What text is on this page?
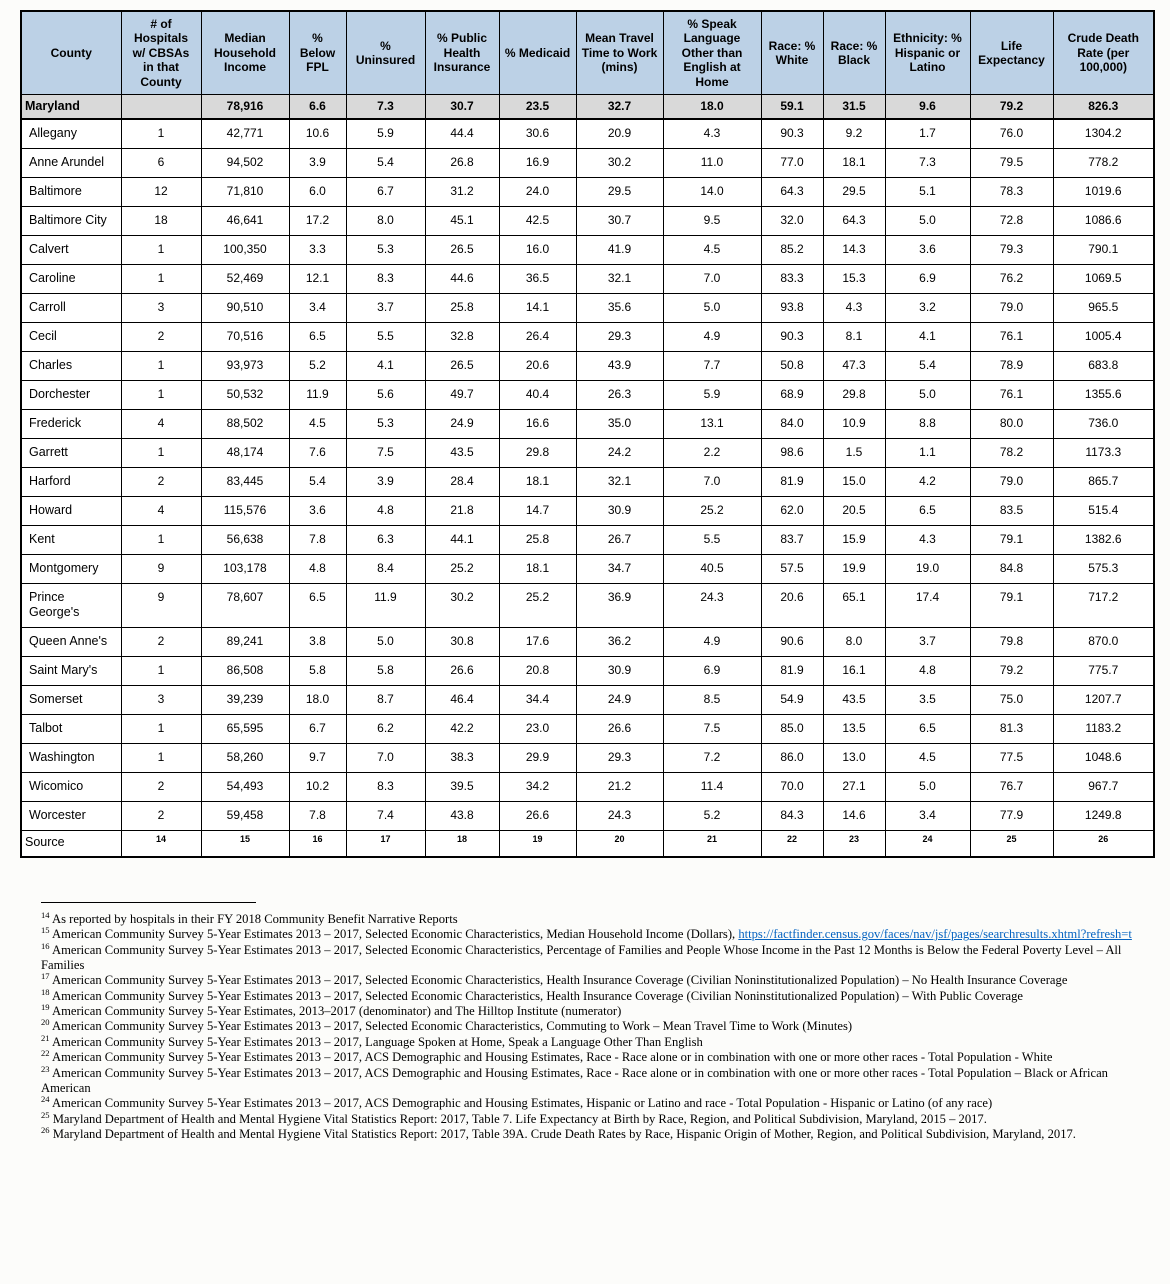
County	# of Hospitals w/ CBSAs in that County	Median Household Income	% Below FPL	% Uninsured	% Public Health Insurance	% Medicaid	Mean Travel Time to Work (mins)	% Speak Language Other than English at Home	Race: % White	Race: % Black	Ethnicity: % Hispanic or Latino	Life Expectancy	Crude Death Rate (per 100,000)
Maryland		78,916	6.6	7.3	30.7	23.5	32.7	18.0	59.1	31.5	9.6	79.2	826.3
Allegany	1	42,771	10.6	5.9	44.4	30.6	20.9	4.3	90.3	9.2	1.7	76.0	1304.2
Anne Arundel	6	94,502	3.9	5.4	26.8	16.9	30.2	11.0	77.0	18.1	7.3	79.5	778.2
Baltimore	12	71,810	6.0	6.7	31.2	24.0	29.5	14.0	64.3	29.5	5.1	78.3	1019.6
Baltimore City	18	46,641	17.2	8.0	45.1	42.5	30.7	9.5	32.0	64.3	5.0	72.8	1086.6
Calvert	1	100,350	3.3	5.3	26.5	16.0	41.9	4.5	85.2	14.3	3.6	79.3	790.1
Caroline	1	52,469	12.1	8.3	44.6	36.5	32.1	7.0	83.3	15.3	6.9	76.2	1069.5
Carroll	3	90,510	3.4	3.7	25.8	14.1	35.6	5.0	93.8	4.3	3.2	79.0	965.5
Cecil	2	70,516	6.5	5.5	32.8	26.4	29.3	4.9	90.3	8.1	4.1	76.1	1005.4
Charles	1	93,973	5.2	4.1	26.5	20.6	43.9	7.7	50.8	47.3	5.4	78.9	683.8
Dorchester	1	50,532	11.9	5.6	49.7	40.4	26.3	5.9	68.9	29.8	5.0	76.1	1355.6
Frederick	4	88,502	4.5	5.3	24.9	16.6	35.0	13.1	84.0	10.9	8.8	80.0	736.0
Garrett	1	48,174	7.6	7.5	43.5	29.8	24.2	2.2	98.6	1.5	1.1	78.2	1173.3
Harford	2	83,445	5.4	3.9	28.4	18.1	32.1	7.0	81.9	15.0	4.2	79.0	865.7
Howard	4	115,576	3.6	4.8	21.8	14.7	30.9	25.2	62.0	20.5	6.5	83.5	515.4
Kent	1	56,638	7.8	6.3	44.1	25.8	26.7	5.5	83.7	15.9	4.3	79.1	1382.6
Montgomery	9	103,178	4.8	8.4	25.2	18.1	34.7	40.5	57.5	19.9	19.0	84.8	575.3
Prince George's	9	78,607	6.5	11.9	30.2	25.2	36.9	24.3	20.6	65.1	17.4	79.1	717.2
Queen Anne's	2	89,241	3.8	5.0	30.8	17.6	36.2	4.9	90.6	8.0	3.7	79.8	870.0
Saint Mary's	1	86,508	5.8	5.8	26.6	20.8	30.9	6.9	81.9	16.1	4.8	79.2	775.7
Somerset	3	39,239	18.0	8.7	46.4	34.4	24.9	8.5	54.9	43.5	3.5	75.0	1207.7
Talbot	1	65,595	6.7	6.2	42.2	23.0	26.6	7.5	85.0	13.5	6.5	81.3	1183.2
Washington	1	58,260	9.7	7.0	38.3	29.9	29.3	7.2	86.0	13.0	4.5	77.5	1048.6
Wicomico	2	54,493	10.2	8.3	39.5	34.2	21.2	11.4	70.0	27.1	5.0	76.7	967.7
Worcester	2	59,458	7.8	7.4	43.8	26.6	24.3	5.2	84.3	14.6	3.4	77.9	1249.8
Source	14	15	16	17	18	19	20	21	22	23	24	25	26
$^{14}$ As reported by hospitals in their FY 2018 Community Benefit Narrative Reports
$^{15}$ American Community Survey 5-Year Estimates 2013 – 2017, Selected Economic Characteristics, Median Household Income (Dollars), https://factfinder.census.gov/faces/nav/jsf/pages/searchresults.xhtml?refresh=t
$^{16}$ American Community Survey 5-Year Estimates 2013 – 2017, Selected Economic Characteristics, Percentage of Families and People Whose Income in the Past 12 Months is Below the Federal Poverty Level – All Families
$^{17}$ American Community Survey 5-Year Estimates 2013 – 2017, Selected Economic Characteristics, Health Insurance Coverage (Civilian Noninstitutionalized Population) – No Health Insurance Coverage
$^{18}$ American Community Survey 5-Year Estimates 2013 – 2017, Selected Economic Characteristics, Health Insurance Coverage (Civilian Noninstitutionalized Population) – With Public Coverage
$^{19}$ American Community Survey 5-Year Estimates, 2013–2017 (denominator) and The Hilltop Institute (numerator)
$^{20}$ American Community Survey 5-Year Estimates 2013 – 2017, Selected Economic Characteristics, Commuting to Work – Mean Travel Time to Work (Minutes)
$^{21}$ American Community Survey 5-Year Estimates 2013 – 2017, Language Spoken at Home, Speak a Language Other Than English
$^{22}$ American Community Survey 5-Year Estimates 2013 – 2017, ACS Demographic and Housing Estimates, Race - Race alone or in combination with one or more other races - Total Population - White
$^{23}$ American Community Survey 5-Year Estimates 2013 – 2017, ACS Demographic and Housing Estimates, Race - Race alone or in combination with one or more other races - Total Population – Black or African American
$^{24}$ American Community Survey 5-Year Estimates 2013 – 2017, ACS Demographic and Housing Estimates, Hispanic or Latino and race - Total Population - Hispanic or Latino (of any race)
$^{25}$ Maryland Department of Health and Mental Hygiene Vital Statistics Report: 2017, Table 7. Life Expectancy at Birth by Race, Region, and Political Subdivision, Maryland, 2015 – 2017.
$^{26}$ Maryland Department of Health and Mental Hygiene Vital Statistics Report: 2017, Table 39A. Crude Death Rates by Race, Hispanic Origin of Mother, Region, and Political Subdivision, Maryland, 2017.
